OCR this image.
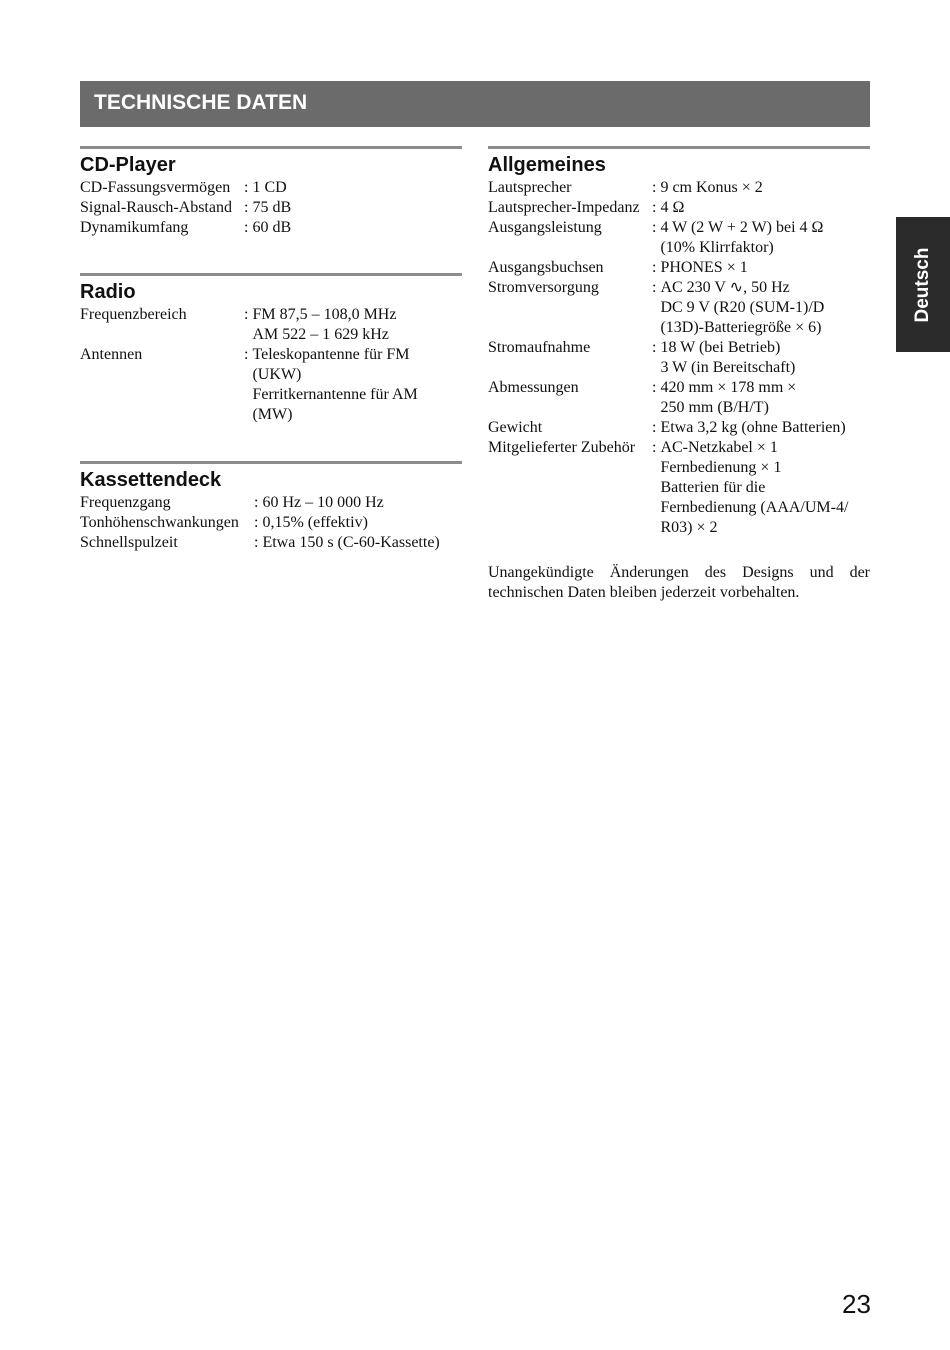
TECHNISCHE DATEN
Deutsch
CD-Player
CD-Fassungsvermögen : 1 CD
Signal-Rausch-Abstand : 75 dB
Dynamikumfang	: 60 dB
Radio
Frequenzbereich	: FM 87,5 – 108,0 MHz
AM 522 – 1 629 kHz
Antennen	: Teleskopantenne für FM
(UKW)
Ferritkernantenne für AM
(MW)
Kassettendeck
Frequenzgang	: 60 Hz – 10 000 Hz
Tonhöhenschwankungen : 0,15% (effektiv)
Schnellspulzeit	: Etwa 150 s (C-60-Kassette)
Allgemeines
Lautsprecher	: 9 cm Konus × 2
Lautsprecher-Impedanz : 4 Ω
Ausgangsleistung	: 4 W (2 W + 2 W) bei 4 Ω
(10% Klirrfaktor)
Ausgangsbuchsen	: PHONES × 1
Stromversorgung	: AC 230 V ∿, 50 Hz
DC 9 V (R20 (SUM-1)/D
(13D)-Batteriegröße × 6)
Stromaufnahme	: 18 W (bei Betrieb)
3 W (in Bereitschaft)
Abmessungen	: 420 mm × 178 mm ×
250 mm (B/H/T)
Gewicht	: Etwa 3,2 kg (ohne Batterien)
Mitgelieferter Zubehör	: AC-Netzkabel × 1
Fernbedienung × 1
Batterien für die
Fernbedienung (AAA/UM-4/
R03) × 2
Unangekündigte Änderungen des Designs und der technischen Daten bleiben jederzeit vorbehalten.
23
